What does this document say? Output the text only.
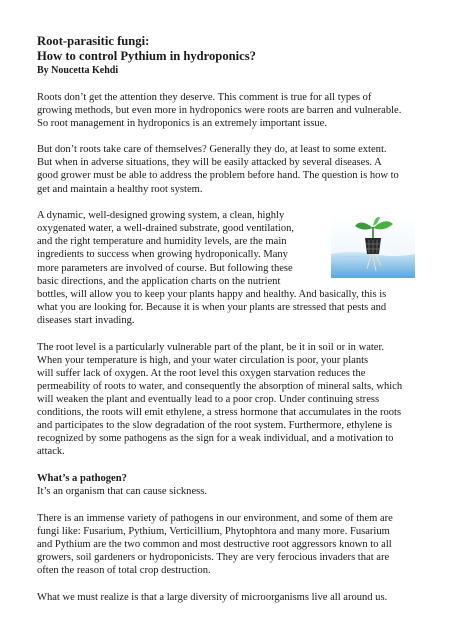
Root-parasitic fungi:
How to control Pythium in hydroponics?
By Noucetta Kehdi

Roots don’t get the attention they deserve. This comment is true for all types of
growing methods, but even more in hydroponics were roots are barren and vulnerable.
So root management in hydroponics is an extremely important issue.

But don’t roots take care of themselves? Generally they do, at least to some extent.
But when in adverse situations, they will be easily attacked by several diseases. A
good grower must be able to address the problem before hand. The question is how to
get and maintain a healthy root system.

A dynamic, well-designed growing system, a clean, highly
oxygenated water, a well-drained substrate, good ventilation,
and the right temperature and humidity levels, are the main
ingredients to success when growing hydroponically. Many
more parameters are involved of course. But following these
basic directions, and the application charts on the nutrient
bottles, will allow you to keep your plants happy and healthy. And basically, this is
what you are looking for. Because it is when your plants are stressed that pests and
diseases start invading.

The root level is a particularly vulnerable part of the plant, be it in soil or in water.
When your temperature is high, and your water circulation is poor, your plants
will suffer lack of oxygen. At the root level this oxygen starvation reduces the
permeability of roots to water, and consequently the absorption of mineral salts, which
will weaken the plant and eventually lead to a poor crop. Under continuing stress
conditions, the roots will emit ethylene, a stress hormone that accumulates in the roots
and participates to the slow degradation of the root system. Furthermore, ethylene is
recognized by some pathogens as the sign for a weak individual, and a motivation to
attack.

What’s a pathogen?

It’s an organism that can cause sickness.

There is an immense variety of pathogens in our environment, and some of them are
fungi like: Fusarium, Pythium, Verticillium, Phytophtora and many more. Fusarium
and Pythium are the two common and most destructive root aggressors known to all
growers, soil gardeners or hydroponicists. They are very ferocious invaders that are
often the reason of total crop destruction.

What we must realize is that a large diversity of microorganisms live all around us.
